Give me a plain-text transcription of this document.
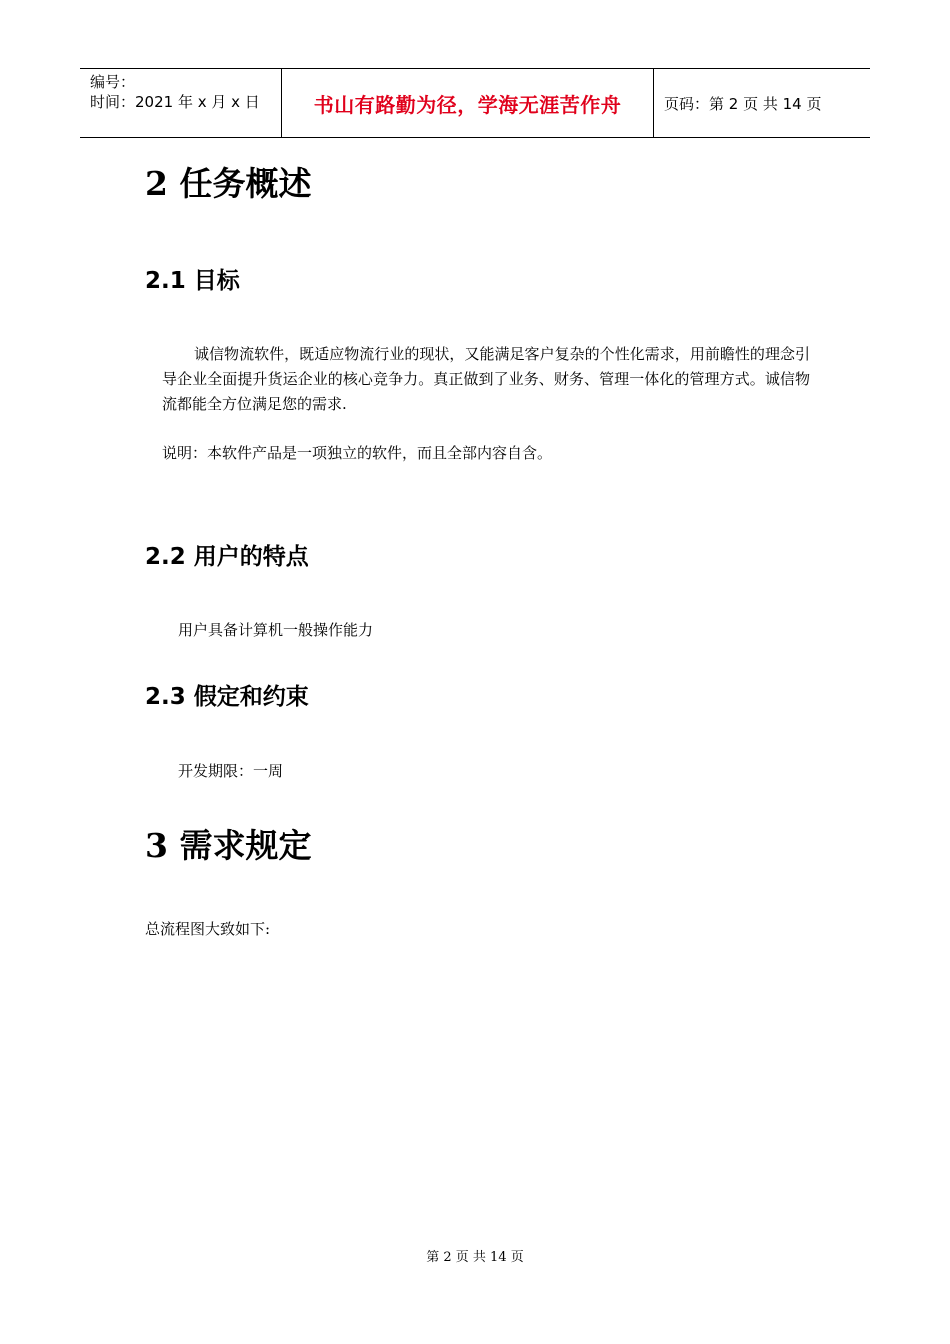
编号：
时间：2021 年 x 月 x 日	书山有路勤为径，学海无涯苦作舟	页码：第 2 页 共 14 页
2 任务概述
2.1 目标

诚信物流软件，既适应物流行业的现状，又能满足客户复杂的个性化需求，用前瞻性的理念引导企业全面提升货运企业的核心竞争力。真正做到了业务、财务、管理一体化的管理方式。诚信物流都能全方位满足您的需求.

说明：本软件产品是一项独立的软件，而且全部内容自含。

2.2 用户的特点

用户具备计算机一般操作能力

2.3 假定和约束

开发期限：一周

3 需求规定

总流程图大致如下:

第 2 页 共 14 页
